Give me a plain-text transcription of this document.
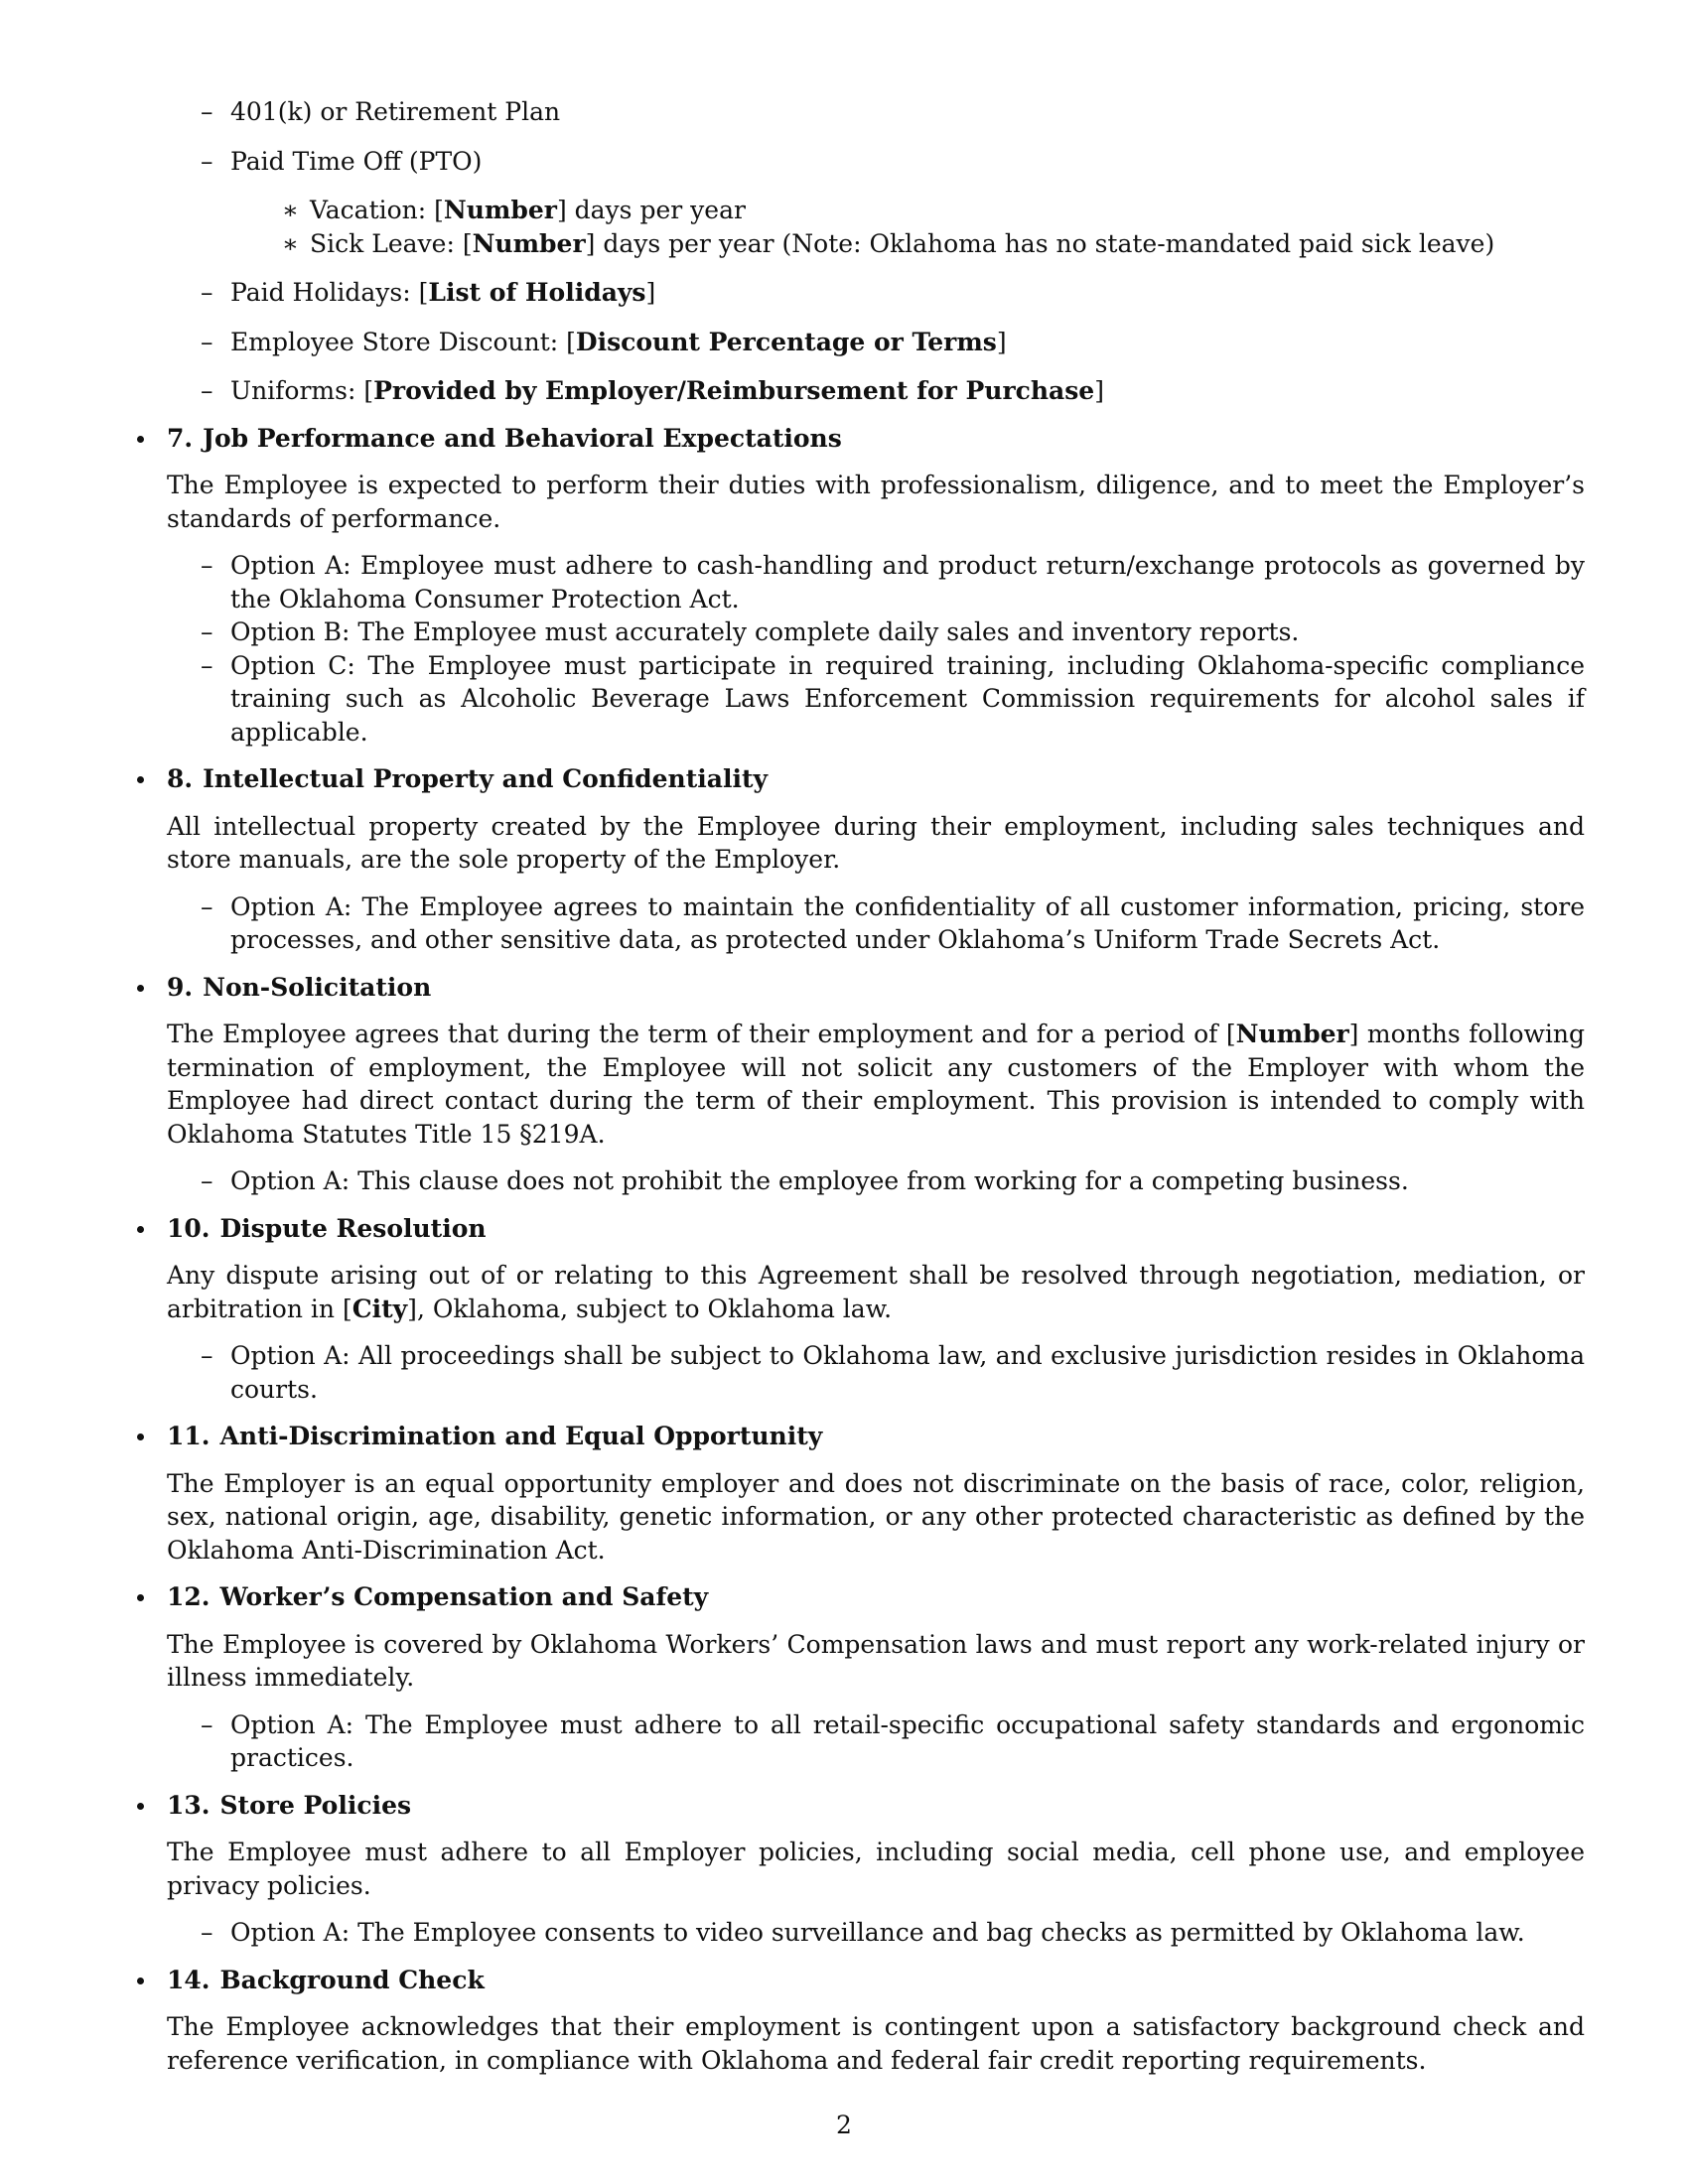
– 401(k) or Retirement Plan
– Paid Time Off (PTO)
∗ Vacation: [Number] days per year
∗ Sick Leave: [Number] days per year (Note: Oklahoma has no state-mandated paid sick leave)
– Paid Holidays: [List of Holidays]
– Employee Store Discount: [Discount Percentage or Terms]
– Uniforms: [Provided by Employer/Reimbursement for Purchase]
7. Job Performance and Behavioral Expectations

The Employee is expected to perform their duties with professionalism, diligence, and to meet the Employer’s standards of performance.

– Option A: Employee must adhere to cash-handling and product return/exchange protocols as governed by the Oklahoma Consumer Protection Act.
– Option B: The Employee must accurately complete daily sales and inventory reports.
– Option C: The Employee must participate in required training, including Oklahoma-specific compliance training such as Alcoholic Beverage Laws Enforcement Commission requirements for alcohol sales if applicable.
8. Intellectual Property and Confidentiality

All intellectual property created by the Employee during their employment, including sales techniques and store manuals, are the sole property of the Employer.

– Option A: The Employee agrees to maintain the confidentiality of all customer information, pricing, store processes, and other sensitive data, as protected under Oklahoma’s Uniform Trade Secrets Act.
9. Non-Solicitation

The Employee agrees that during the term of their employment and for a period of [Number] months following termination of employment, the Employee will not solicit any customers of the Employer with whom the Employee had direct contact during the term of their employment. This provision is intended to comply with Oklahoma Statutes Title 15 §219A.

– Option A: This clause does not prohibit the employee from working for a competing business.
10. Dispute Resolution

Any dispute arising out of or relating to this Agreement shall be resolved through negotiation, mediation, or arbitration in [City], Oklahoma, subject to Oklahoma law.

– Option A: All proceedings shall be subject to Oklahoma law, and exclusive jurisdiction resides in Oklahoma courts.
11. Anti-Discrimination and Equal Opportunity

The Employer is an equal opportunity employer and does not discriminate on the basis of race, color, religion, sex, national origin, age, disability, genetic information, or any other protected characteristic as defined by the Oklahoma Anti-Discrimination Act.

12. Worker’s Compensation and Safety

The Employee is covered by Oklahoma Workers’ Compensation laws and must report any work-related injury or illness immediately.

– Option A: The Employee must adhere to all retail-specific occupational safety standards and ergonomic practices.
13. Store Policies

The Employee must adhere to all Employer policies, including social media, cell phone use, and employee privacy policies.

– Option A: The Employee consents to video surveillance and bag checks as permitted by Oklahoma law.
14. Background Check

The Employee acknowledges that their employment is contingent upon a satisfactory background check and reference verification, in compliance with Oklahoma and federal fair credit reporting requirements.

2
